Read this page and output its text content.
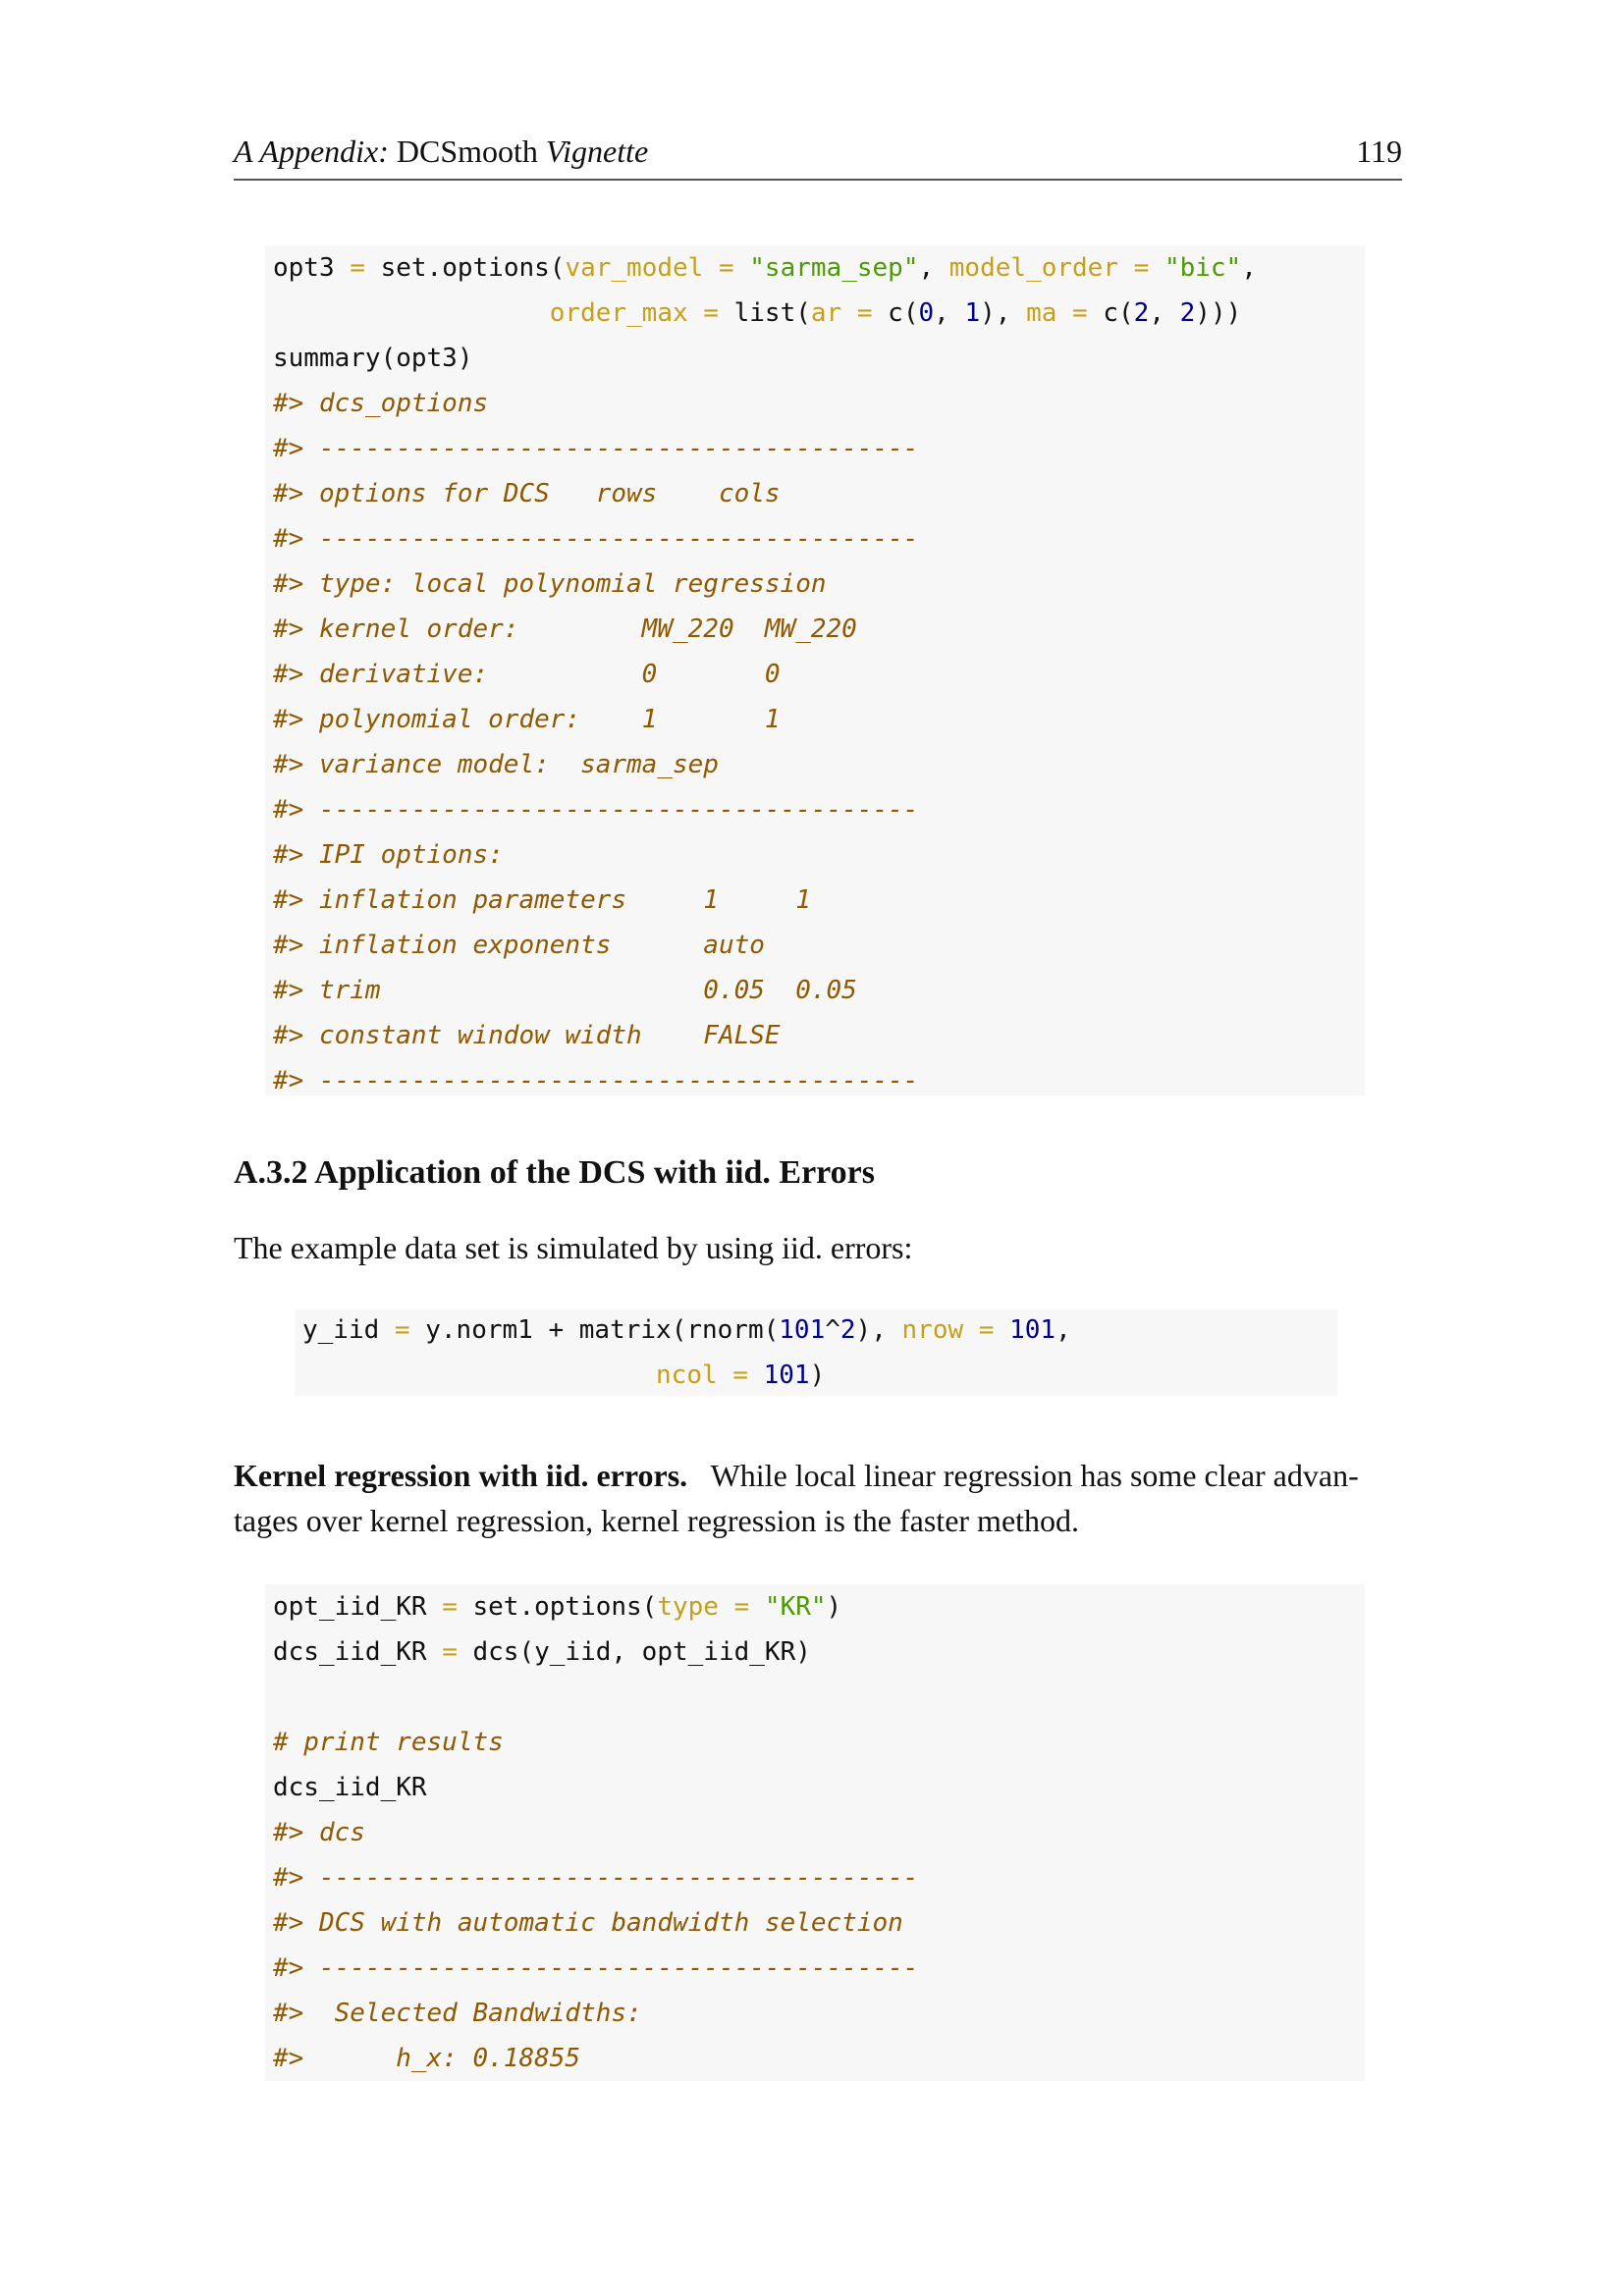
A Appendix: DCSmooth Vignette	119
opt3 = set.options(var_model = "sarma_sep", model_order = "bic",
order_max = list(ar = c(0, 1), ma = c(2, 2)))
summary(opt3)
#> dcs_options
#> ---------------------------------------
#> options for DCS   rows    cols
#> ---------------------------------------
#> type: local polynomial regression
#> kernel order:        MW_220  MW_220
#> derivative:          0       0
#> polynomial order:    1       1
#> variance model:  sarma_sep
#> ---------------------------------------
#> IPI options:
#> inflation parameters     1     1
#> inflation exponents      auto
#> trim                     0.05  0.05
#> constant window width    FALSE
#> ---------------------------------------
A.3.2 Application of the DCS with iid. Errors
The example data set is simulated by using iid. errors:
y_iid = y.norm1 + matrix(rnorm(101^2), nrow = 101,
ncol = 101)
Kernel regression with iid. errors.   While local linear regression has some clear advan-
tages over kernel regression, kernel regression is the faster method.
opt_iid_KR = set.options(type = "KR")
dcs_iid_KR = dcs(y_iid, opt_iid_KR)
# print results
dcs_iid_KR
#> dcs
#> ---------------------------------------
#> DCS with automatic bandwidth selection
#> ---------------------------------------
#>  Selected Bandwidths:
#>      h_x: 0.18855
